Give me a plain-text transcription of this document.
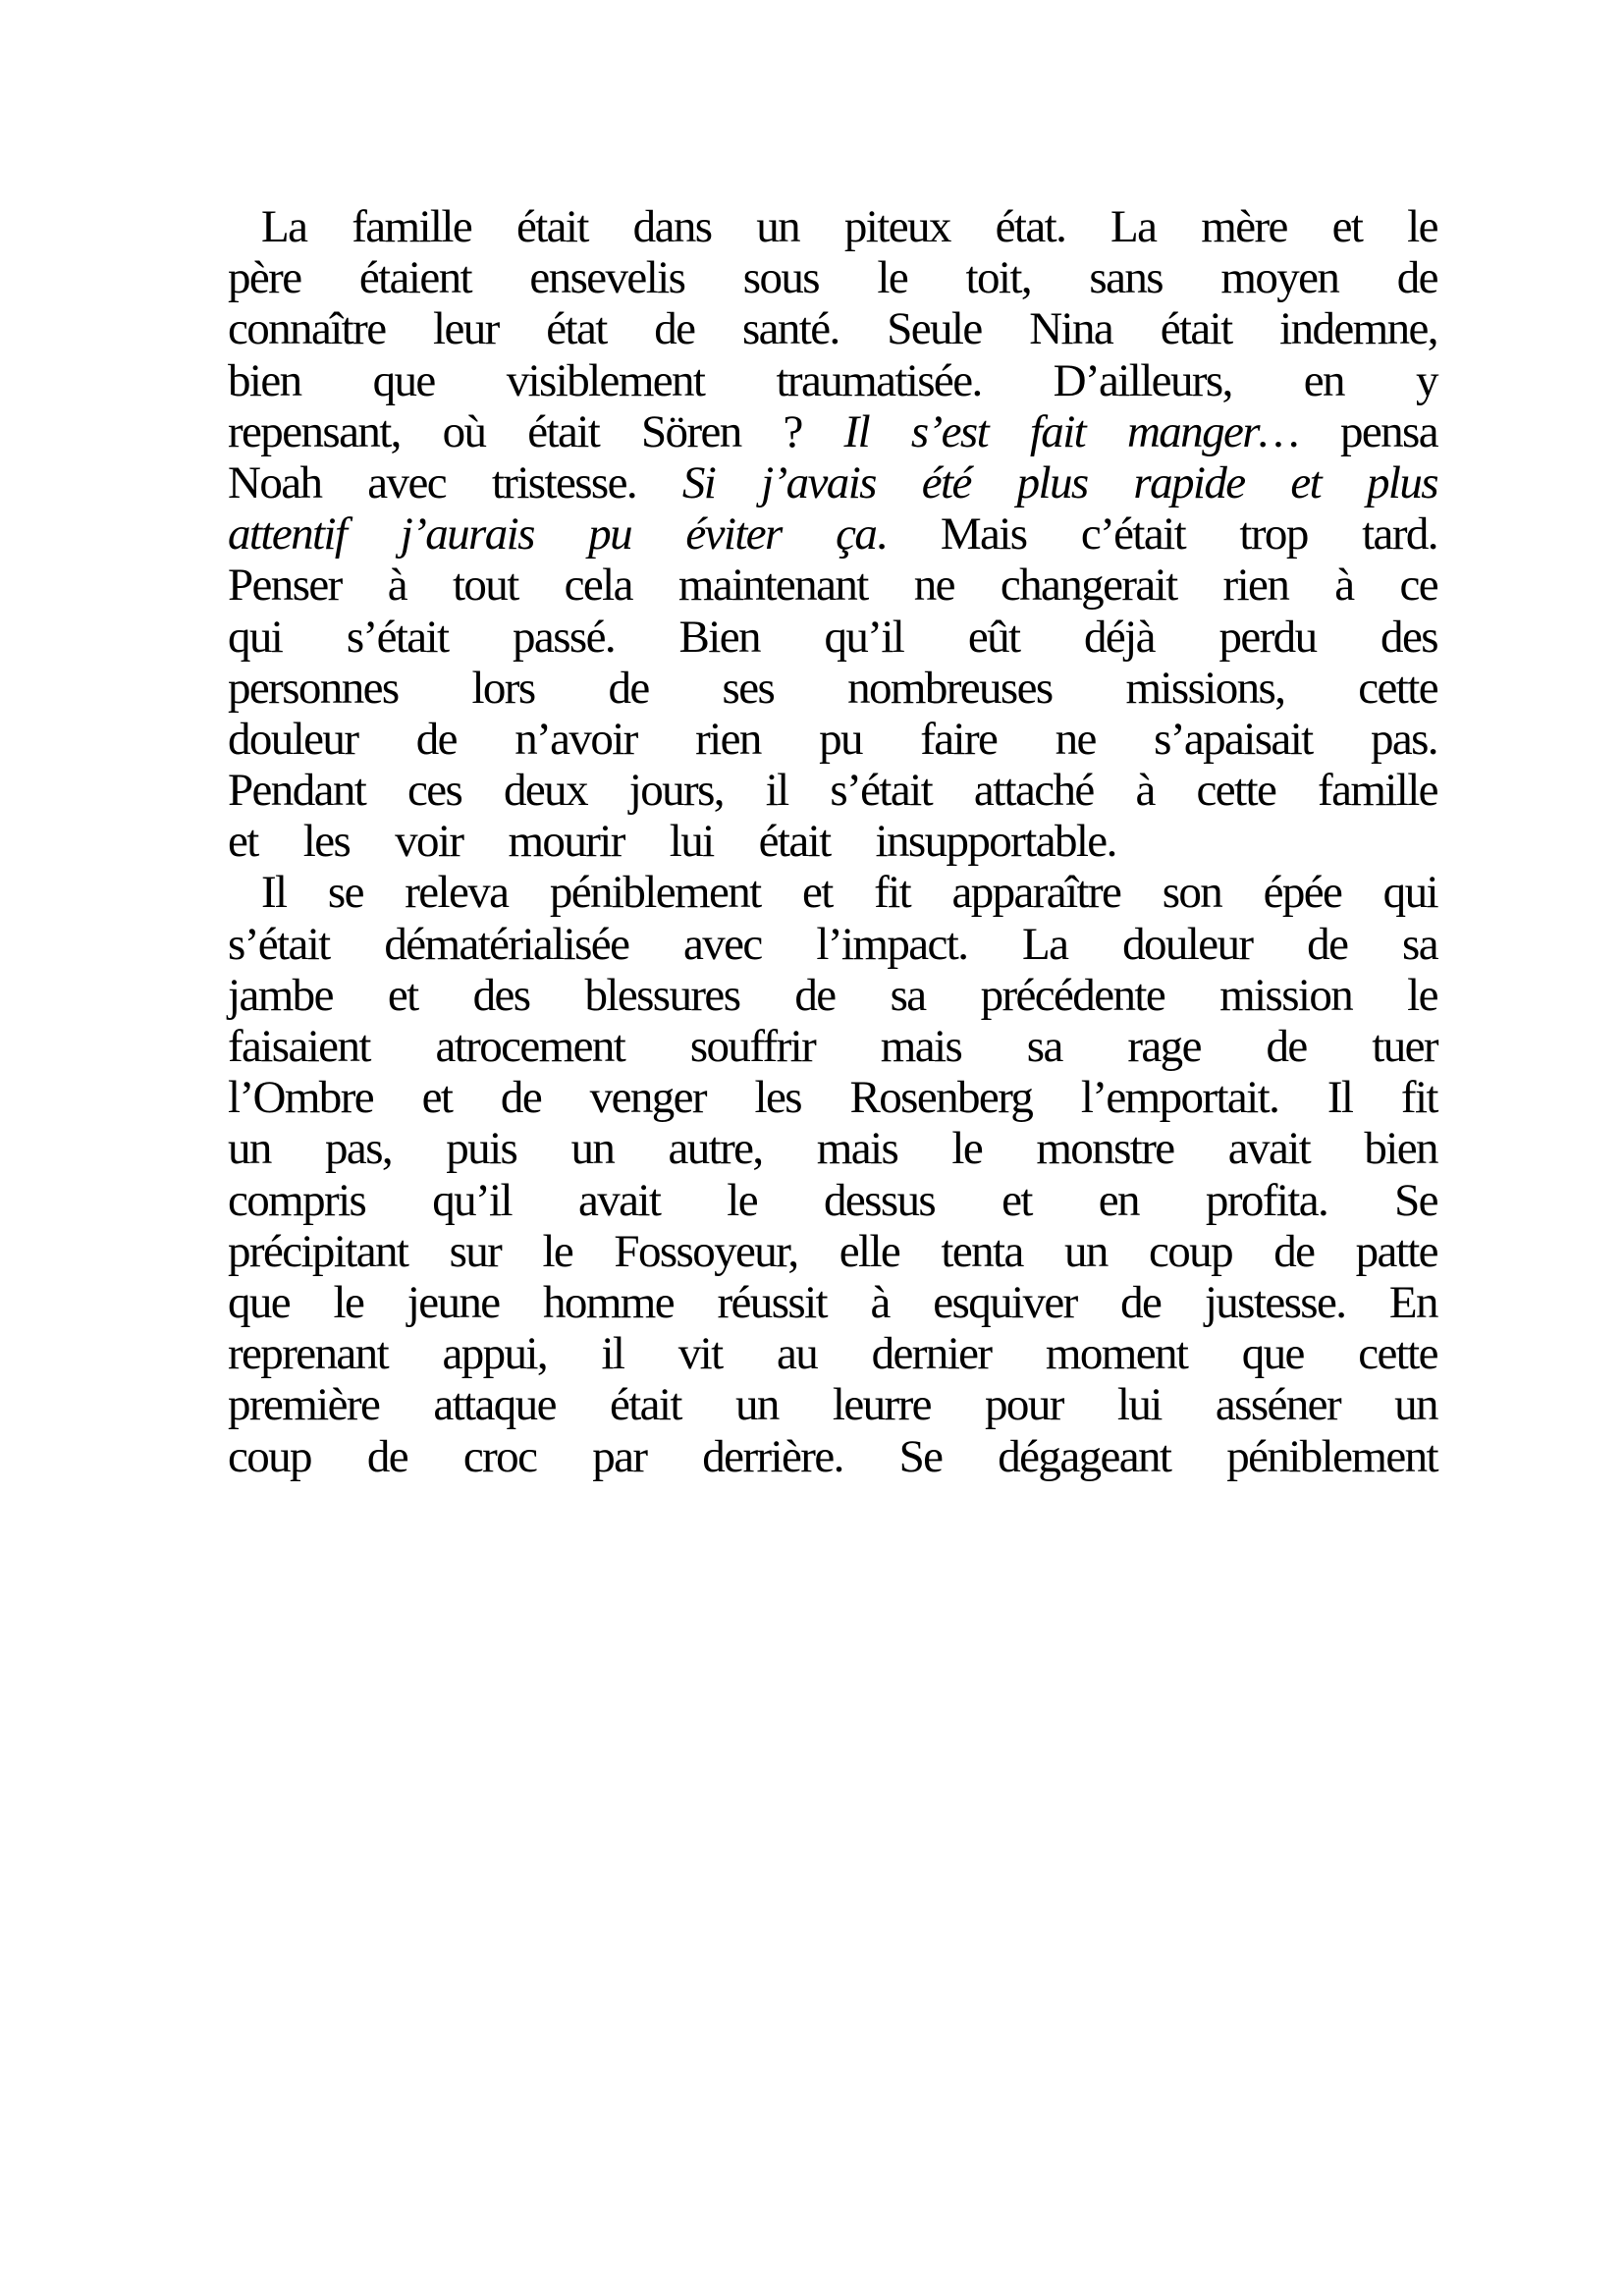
La famille était dans un piteux état. La mère et le
père	étaient	ensevelis	sous	le	toit,	sans	moyen	de
connaître	leur	état	de	santé.	Seule	Nina	était	indemne,
bien	que	visiblement	traumatisée.	D’ailleurs,	en	y
repensant, où était Sören ? Il s’est fait manger… pensa
Noah avec tristesse. Si j’avais été plus rapide et plus
attentif	j’aurais	pu	éviter	ça.	Mais	c’était	trop	tard.
Penser à tout cela maintenant ne changerait rien à ce
qui	s’était	passé.	Bien	qu’il	eût	déjà	perdu	des
personnes	lors	de	ses	nombreuses	missions,	cette
douleur	de	n’avoir	rien	pu	faire	ne	s’apaisait	pas.
Pendant ces deux jours, il s’était attaché à cette famille
et les voir mourir lui était insupportable.
Il se releva péniblement et fit apparaître son épée qui
s’était	dématérialisée	avec	l’impact.	La	douleur	de	sa
jambe	et	des	blessures	de	sa	précédente	mission	le
faisaient	atrocement	souffrir	mais	sa	rage	de	tuer
l’Ombre	et	de	venger	les	Rosenberg	l’emportait.	Il	fit
un	pas,	puis	un	autre,	mais	le	monstre	avait	bien
compris	qu’il	avait	le	dessus	et	en	profita.	Se
précipitant sur le Fossoyeur, elle tenta un coup de patte
que le jeune homme réussit à esquiver de justesse. En
reprenant	appui,	il	vit	au	dernier	moment	que	cette
première	attaque	était	un	leurre	pour	lui	asséner	un
coup	de	croc	par	derrière.	Se	dégageant	péniblement
